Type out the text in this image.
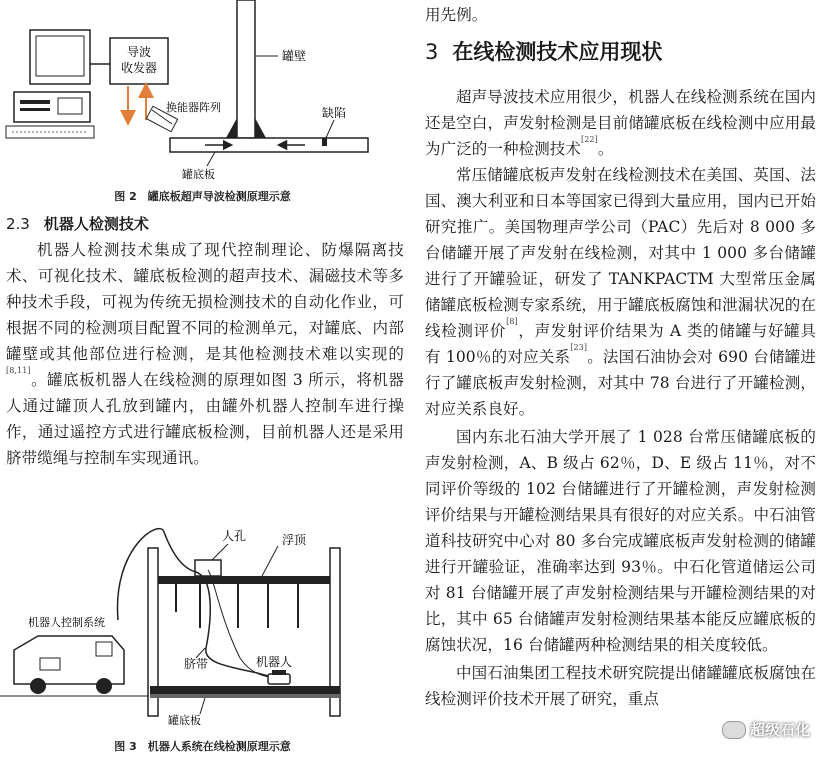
导波
收发器
换能器阵列
罐壁
缺陷
罐底板
图 2　罐底板超声导波检测原理示意

2.3 机器人检测技术

机器人检测技术集成了现代控制理论、防爆隔离技术、可视化技术、罐底板检测的超声技术、漏磁技术等多种技术手段，可视为传统无损检测技术的自动化作业，可根据不同的检测项目配置不同的检测单元，对罐底、内部罐壁或其他部位进行检测，是其他检测技术难以实现的[8,11]。罐底板机器人在线检测的原理如图 3 所示，将机器人通过罐顶人孔放到罐内，由罐外机器人控制车进行操作，通过遥控方式进行罐底板检测，目前机器人还是采用脐带缆绳与控制车实现通讯。

人孔	浮顶
罐底板
脐带	机器人
机器人控制系统
图 3　机器人系统在线检测原理示意

用先例。

3 在线检测技术应用现状

超声导波技术应用很少，机器人在线检测系统在国内还是空白，声发射检测是目前储罐底板在线检测中应用最为广泛的一种检测技术[22]。

常压储罐底板声发射在线检测技术在美国、英国、法国、澳大利亚和日本等国家已得到大量应用，国内已开始研究推广。美国物理声学公司（PAC）先后对 8 000 多台储罐开展了声发射在线检测，对其中 1 000 多台储罐进行了开罐验证，研发了 TANKPACTM 大型常压金属储罐底板检测专家系统，用于罐底板腐蚀和泄漏状况的在线检测评价[8]，声发射评价结果为 A 类的储罐与好罐具有 100％的对应关系[23]。法国石油协会对 690 台储罐进行了罐底板声发射检测，对其中 78 台进行了开罐检测，对应关系良好。

国内东北石油大学开展了 1 028 台常压储罐底板的声发射检测，A、B 级占 62％，D、E 级占 11％，对不同评价等级的 102 台储罐进行了开罐检测，声发射检测评价结果与开罐检测结果具有很好的对应关系。中石油管道科技研究中心对 80 多台完成罐底板声发射检测的储罐进行开罐验证，准确率达到 93％。中石化管道储运公司对 81 台储罐开展了声发射检测结果与开罐检测结果的对比，其中 65 台储罐声发射检测结果基本能反应罐底板的腐蚀状况，16 台储罐两种检测结果的相关度较低。

中国石油集团工程技术研究院提出储罐罐底板腐蚀在线检测评价技术开展了研究，重点

超级石化
